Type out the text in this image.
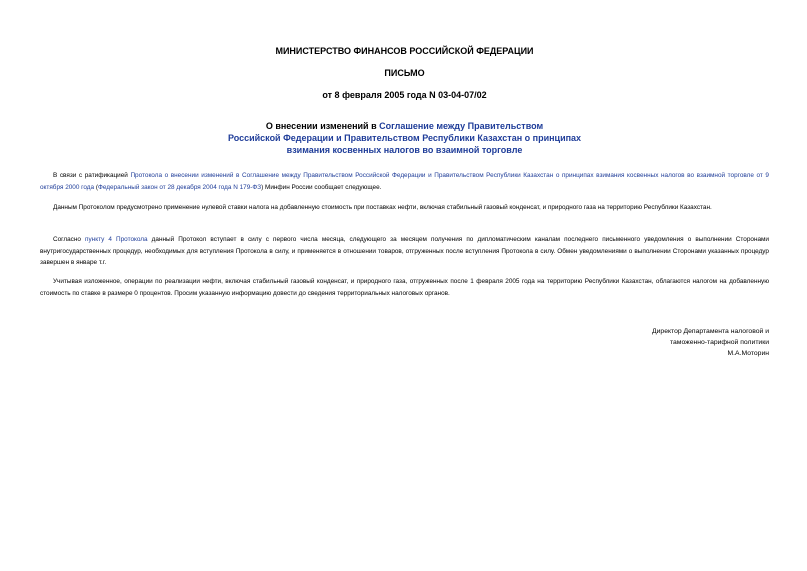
МИНИСТЕРСТВО ФИНАНСОВ РОССИЙСКОЙ ФЕДЕРАЦИИ
ПИСЬМО
от 8 февраля 2005 года N 03-04-07/02
О внесении изменений в Соглашение между Правительством
Российской Федерации и Правительством Республики Казахстан о принципах
взимания косвенных налогов во взаимной торговле

В связи с ратификацией Протокола о внесении изменений в Соглашение между Правительством Российской Федерации и Правительством Республики Казахстан о принципах взимания косвенных налогов во взаимной торговле от 9 октября 2000 года (Федеральный закон от 28 декабря 2004 года N 179-ФЗ) Минфин России сообщает следующее.

Данным Протоколом предусмотрено применение нулевой ставки налога на добавленную стоимость при поставках нефти, включая стабильный газовый конденсат, и природного газа на территорию Республики Казахстан.

Согласно пункту 4 Протокола данный Протокол вступает в силу с первого числа месяца, следующего за месяцем получения по дипломатическим каналам последнего письменного уведомления о выполнении Сторонами внутригосударственных процедур, необходимых для вступления Протокола в силу, и применяется в отношении товаров, отгруженных после вступления Протокола в силу. Обмен уведомлениями о выполнении Сторонами указанных процедур завершен в январе т.г.

Учитывая изложенное, операции по реализации нефти, включая стабильный газовый конденсат, и природного газа, отгруженных после 1 февраля 2005 года на территорию Республики Казахстан, облагаются налогом на добавленную стоимость по ставке в размере 0 процентов. Просим указанную информацию довести до сведения территориальных налоговых органов.

Директор Департамента налоговой и
таможенно-тарифной политики
М.А.Моторин
